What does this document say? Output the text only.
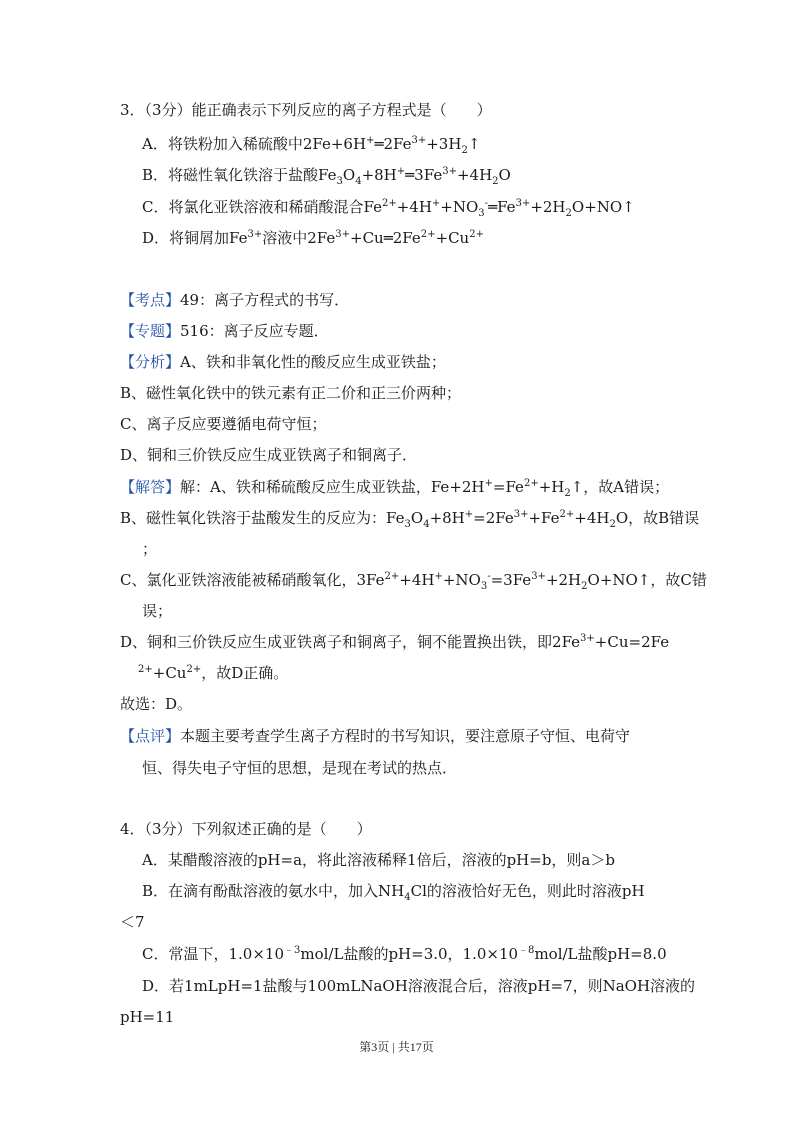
3．（3分）能正确表示下列反应的离子方程式是（　　）
A．将铁粉加入稀硫酸中$2Fe+6H^+═2Fe^{3+}+3H_2↑$
B．将磁性氧化铁溶于盐酸$Fe_3O_4+8H^+═3Fe^{3+}+4H_2O$
C．将氯化亚铁溶液和稀硝酸混合$Fe^{2+}+4H^++NO_3^-═Fe^{3+}+2H_2O+NO↑$
D．将铜屑加$Fe^{3+}$溶液中$2Fe^{3+}+Cu═2Fe^{2+}+Cu^{2+}$
【考点】49：离子方程式的书写．
【专题】516：离子反应专题．
【分析】A、铁和非氧化性的酸反应生成亚铁盐；
B、磁性氧化铁中的铁元素有正二价和正三价两种；
C、离子反应要遵循电荷守恒；
D、铜和三价铁反应生成亚铁离子和铜离子．
【解答】解：A、铁和稀硫酸反应生成亚铁盐，$Fe+2H^+=Fe^{2+}+H_2↑$，故A错误；
B、磁性氧化铁溶于盐酸发生的反应为：$Fe_3O_4+8H^+=2Fe^{3+}+Fe^{2+}+4H_2O$，故B错误
；
C、氯化亚铁溶液能被稀硝酸氧化，$3Fe^{2+}+4H^++NO_3^-=3Fe^{3+}+2H_2O+NO↑$，故C错
误；
D、铜和三价铁反应生成亚铁离子和铜离子，铜不能置换出铁，即$2Fe^{3+}+Cu=2Fe$
$^{2+}+Cu^{2+}$，故D正确。
故选：D。
【点评】本题主要考查学生离子方程时的书写知识，要注意原子守恒、电荷守
恒、得失电子守恒的思想，是现在考试的热点．
4．（3分）下列叙述正确的是（　　）
A．某醋酸溶液的pH=a，将此溶液稀释1倍后，溶液的pH=b，则a＞b
B．在滴有酚酞溶液的氨水中，加入$NH_4Cl$的溶液恰好无色，则此时溶液pH
＜7
C．常温下，$1.0\times 10^{﹣3}mol/L$盐酸的pH=3.0，$1.0\times 10^{﹣8}mol/L$盐酸pH=8.0
D．若1mLpH=1盐酸与100mLNaOH溶液混合后，溶液pH=7，则NaOH溶液的
pH=11
第3页 | 共17页
